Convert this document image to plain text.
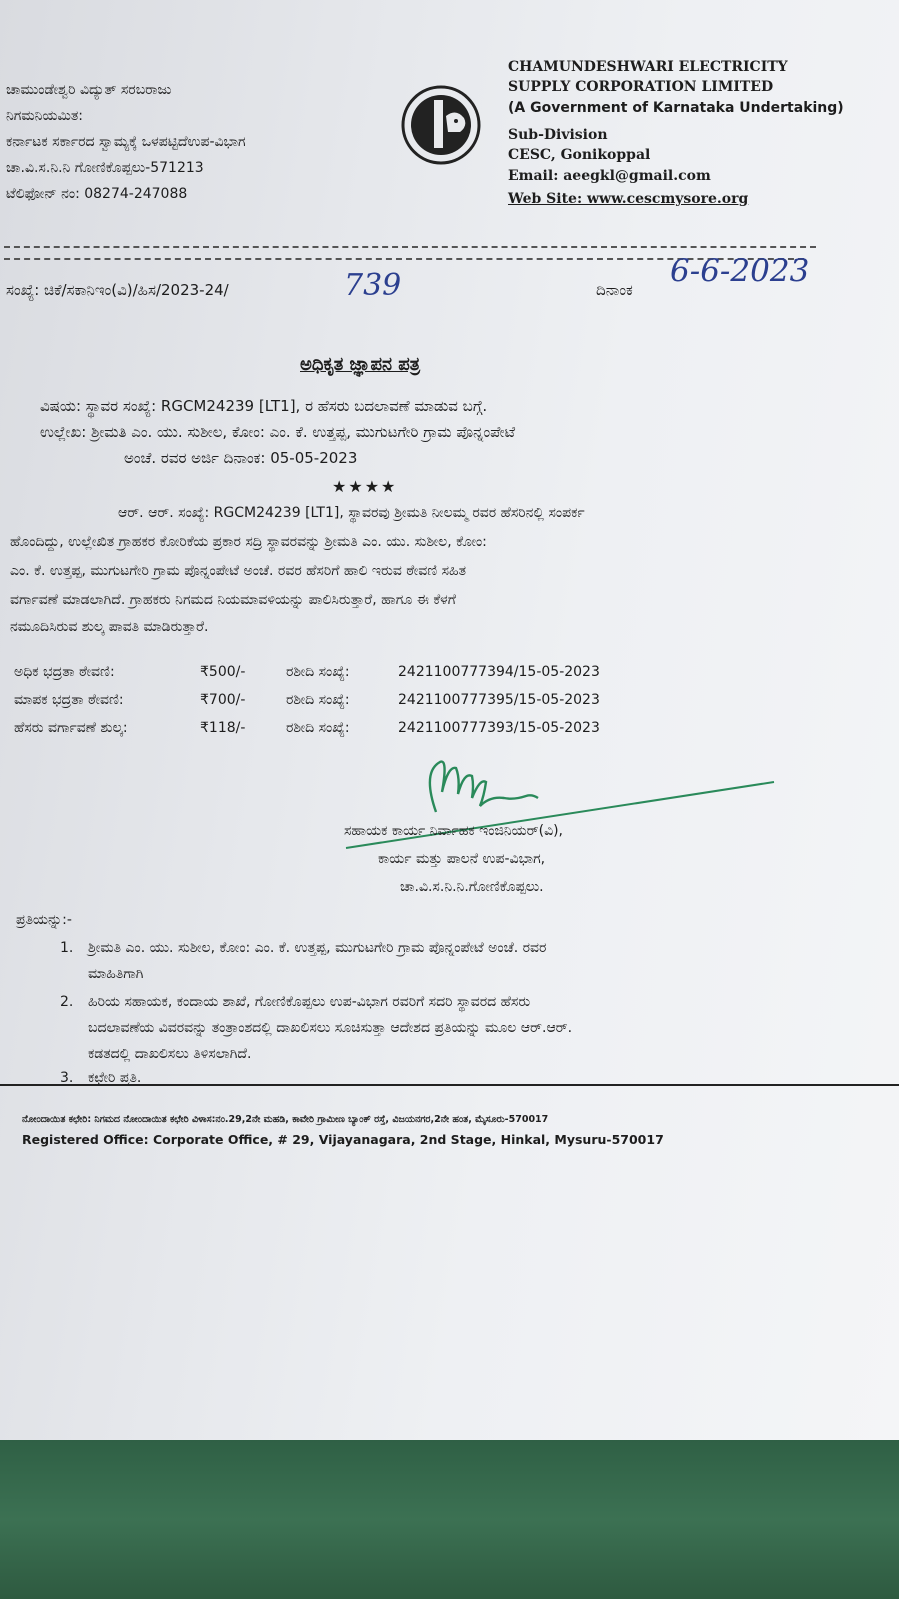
ಚಾಮುಂಡೇಶ್ವರಿ ವಿದ್ಯುತ್ ಸರಬರಾಜು
ನಿಗಮನಿಯಮಿತ:
ಕರ್ನಾಟಕ ಸರ್ಕಾರದ ಸ್ವಾಮ್ಯಕ್ಕೆ ಒಳಪಟ್ಟಿದೆಉಪ-ವಿಭಾಗ
ಚಾ.ವಿ.ಸ.ನಿ.ನಿ ಗೋಣಿಕೊಪ್ಪಲು-571213
ಟೆಲಿಫೋನ್ ನಂ: 08274-247088
CHAMUNDESHWARI ELECTRICITY
SUPPLY CORPORATION LIMITED
(A Government of Karnataka Undertaking)
Sub-Division
CESC, Gonikoppal
Email: aeegkl@gmail.com
Web Site: www.cescmysore.org
ಸಂಖ್ಯೆ: ಚಿಕೆ/ಸಕಾನಿಇಂ(ವಿ)/ಹಿಸ/2023-24/	739	ದಿನಾಂಕ
6-6-2023
ಅಧಿಕೃತ ಜ್ಞಾಪನ ಪತ್ರ
ವಿಷಯ: ಸ್ಥಾವರ ಸಂಖ್ಯೆ: RGCM24239 [LT1], ರ ಹೆಸರು ಬದಲಾವಣೆ ಮಾಡುವ ಬಗ್ಗೆ.
ಉಲ್ಲೇಖ: ಶ್ರೀಮತಿ ಎಂ. ಯು. ಸುಶೀಲ, ಕೋಂ: ಎಂ. ಕೆ. ಉತ್ತಪ್ಪ, ಮುಗುಟಗೇರಿ ಗ್ರಾಮ ಪೊನ್ನಂಪೇಟೆ
ಅಂಚೆ. ರವರ ಅರ್ಜಿ ದಿನಾಂಕ: 05-05-2023
★★★★
ಆರ್. ಆರ್. ಸಂಖ್ಯೆ: RGCM24239 [LT1], ಸ್ಥಾವರವು ಶ್ರೀಮತಿ ನೀಲಮ್ಮ ರವರ ಹೆಸರಿನಲ್ಲಿ ಸಂಪರ್ಕ
ಹೊಂದಿದ್ದು, ಉಲ್ಲೇಖಿತ ಗ್ರಾಹಕರ ಕೋರಿಕೆಯ ಪ್ರಕಾರ ಸದ್ರಿ ಸ್ಥಾವರವನ್ನು ಶ್ರೀಮತಿ ಎಂ. ಯು. ಸುಶೀಲ, ಕೋಂ:
ಎಂ. ಕೆ. ಉತ್ತಪ್ಪ, ಮುಗುಟಗೇರಿ ಗ್ರಾಮ ಪೊನ್ನಂಪೇಟೆ ಅಂಚೆ. ರವರ ಹೆಸರಿಗೆ ಹಾಲಿ ಇರುವ ಠೇವಣಿ ಸಹಿತ
ವರ್ಗಾವಣೆ ಮಾಡಲಾಗಿದೆ. ಗ್ರಾಹಕರು ನಿಗಮದ ನಿಯಮಾವಳಿಯನ್ನು ಪಾಲಿಸಿರುತ್ತಾರೆ, ಹಾಗೂ ಈ ಕೆಳಗೆ
ನಮೂದಿಸಿರುವ ಶುಲ್ಕ ಪಾವತಿ ಮಾಡಿರುತ್ತಾರೆ.
ಅಧಿಕ ಭದ್ರತಾ ಠೇವಣಿ:	₹500/-	ರಶೀದಿ ಸಂಖ್ಯೆ:	2421100777394/15-05-2023
ಮಾಪಕ ಭದ್ರತಾ ಠೇವಣಿ:	₹700/-	ರಶೀದಿ ಸಂಖ್ಯೆ:	2421100777395/15-05-2023
ಹೆಸರು ವರ್ಗಾವಣೆ ಶುಲ್ಕ:	₹118/-	ರಶೀದಿ ಸಂಖ್ಯೆ:	2421100777393/15-05-2023
ಸಹಾಯಕ ಕಾರ್ಯ ನಿರ್ವಾಹಕ ಇಂಜಿನಿಯರ್(ವಿ),
ಕಾರ್ಯ ಮತ್ತು ಪಾಲನೆ ಉಪ-ವಿಭಾಗ,
ಚಾ.ವಿ.ಸ.ನಿ.ನಿ.ಗೋಣಿಕೊಪ್ಪಲು.
ಪ್ರತಿಯನ್ನು:-
1. ಶ್ರೀಮತಿ ಎಂ. ಯು. ಸುಶೀಲ, ಕೋಂ: ಎಂ. ಕೆ. ಉತ್ತಪ್ಪ, ಮುಗುಟಗೇರಿ ಗ್ರಾಮ ಪೊನ್ನಂಪೇಟೆ ಅಂಚೆ. ರವರ
ಮಾಹಿತಿಗಾಗಿ
2. ಹಿರಿಯ ಸಹಾಯಕ, ಕಂದಾಯ ಶಾಖೆ, ಗೋಣಿಕೊಪ್ಪಲು ಉಪ-ವಿಭಾಗ ರವರಿಗೆ ಸದರಿ ಸ್ಥಾವರದ ಹೆಸರು
ಬದಲಾವಣೆಯ ವಿವರವನ್ನು ತಂತ್ರಾಂಶದಲ್ಲಿ ದಾಖಲಿಸಲು ಸೂಚಿಸುತ್ತಾ ಆದೇಶದ ಪ್ರತಿಯನ್ನು ಮೂಲ ಆರ್.ಆರ್.
ಕಡತದಲ್ಲಿ ದಾಖಲಿಸಲು ತಿಳಿಸಲಾಗಿದೆ.
3. ಕಛೇರಿ ಪ್ರತಿ.
ನೋಂದಾಯಿತ ಕಛೇರಿ: ನಿಗಮದ ನೋಂದಾಯಿತ ಕಛೇರಿ ವಿಳಾಸ:ನಂ.29,2ನೇ ಮಹಡಿ, ಕಾವೇರಿ ಗ್ರಾಮೀಣ ಬ್ಯಾಂಕ್ ರಸ್ತೆ, ವಿಜಯನಗರ,2ನೇ ಹಂತ, ಮೈಸೂರು-570017
Registered Office: Corporate Office, # 29, Vijayanagara, 2nd Stage, Hinkal, Mysuru-570017
